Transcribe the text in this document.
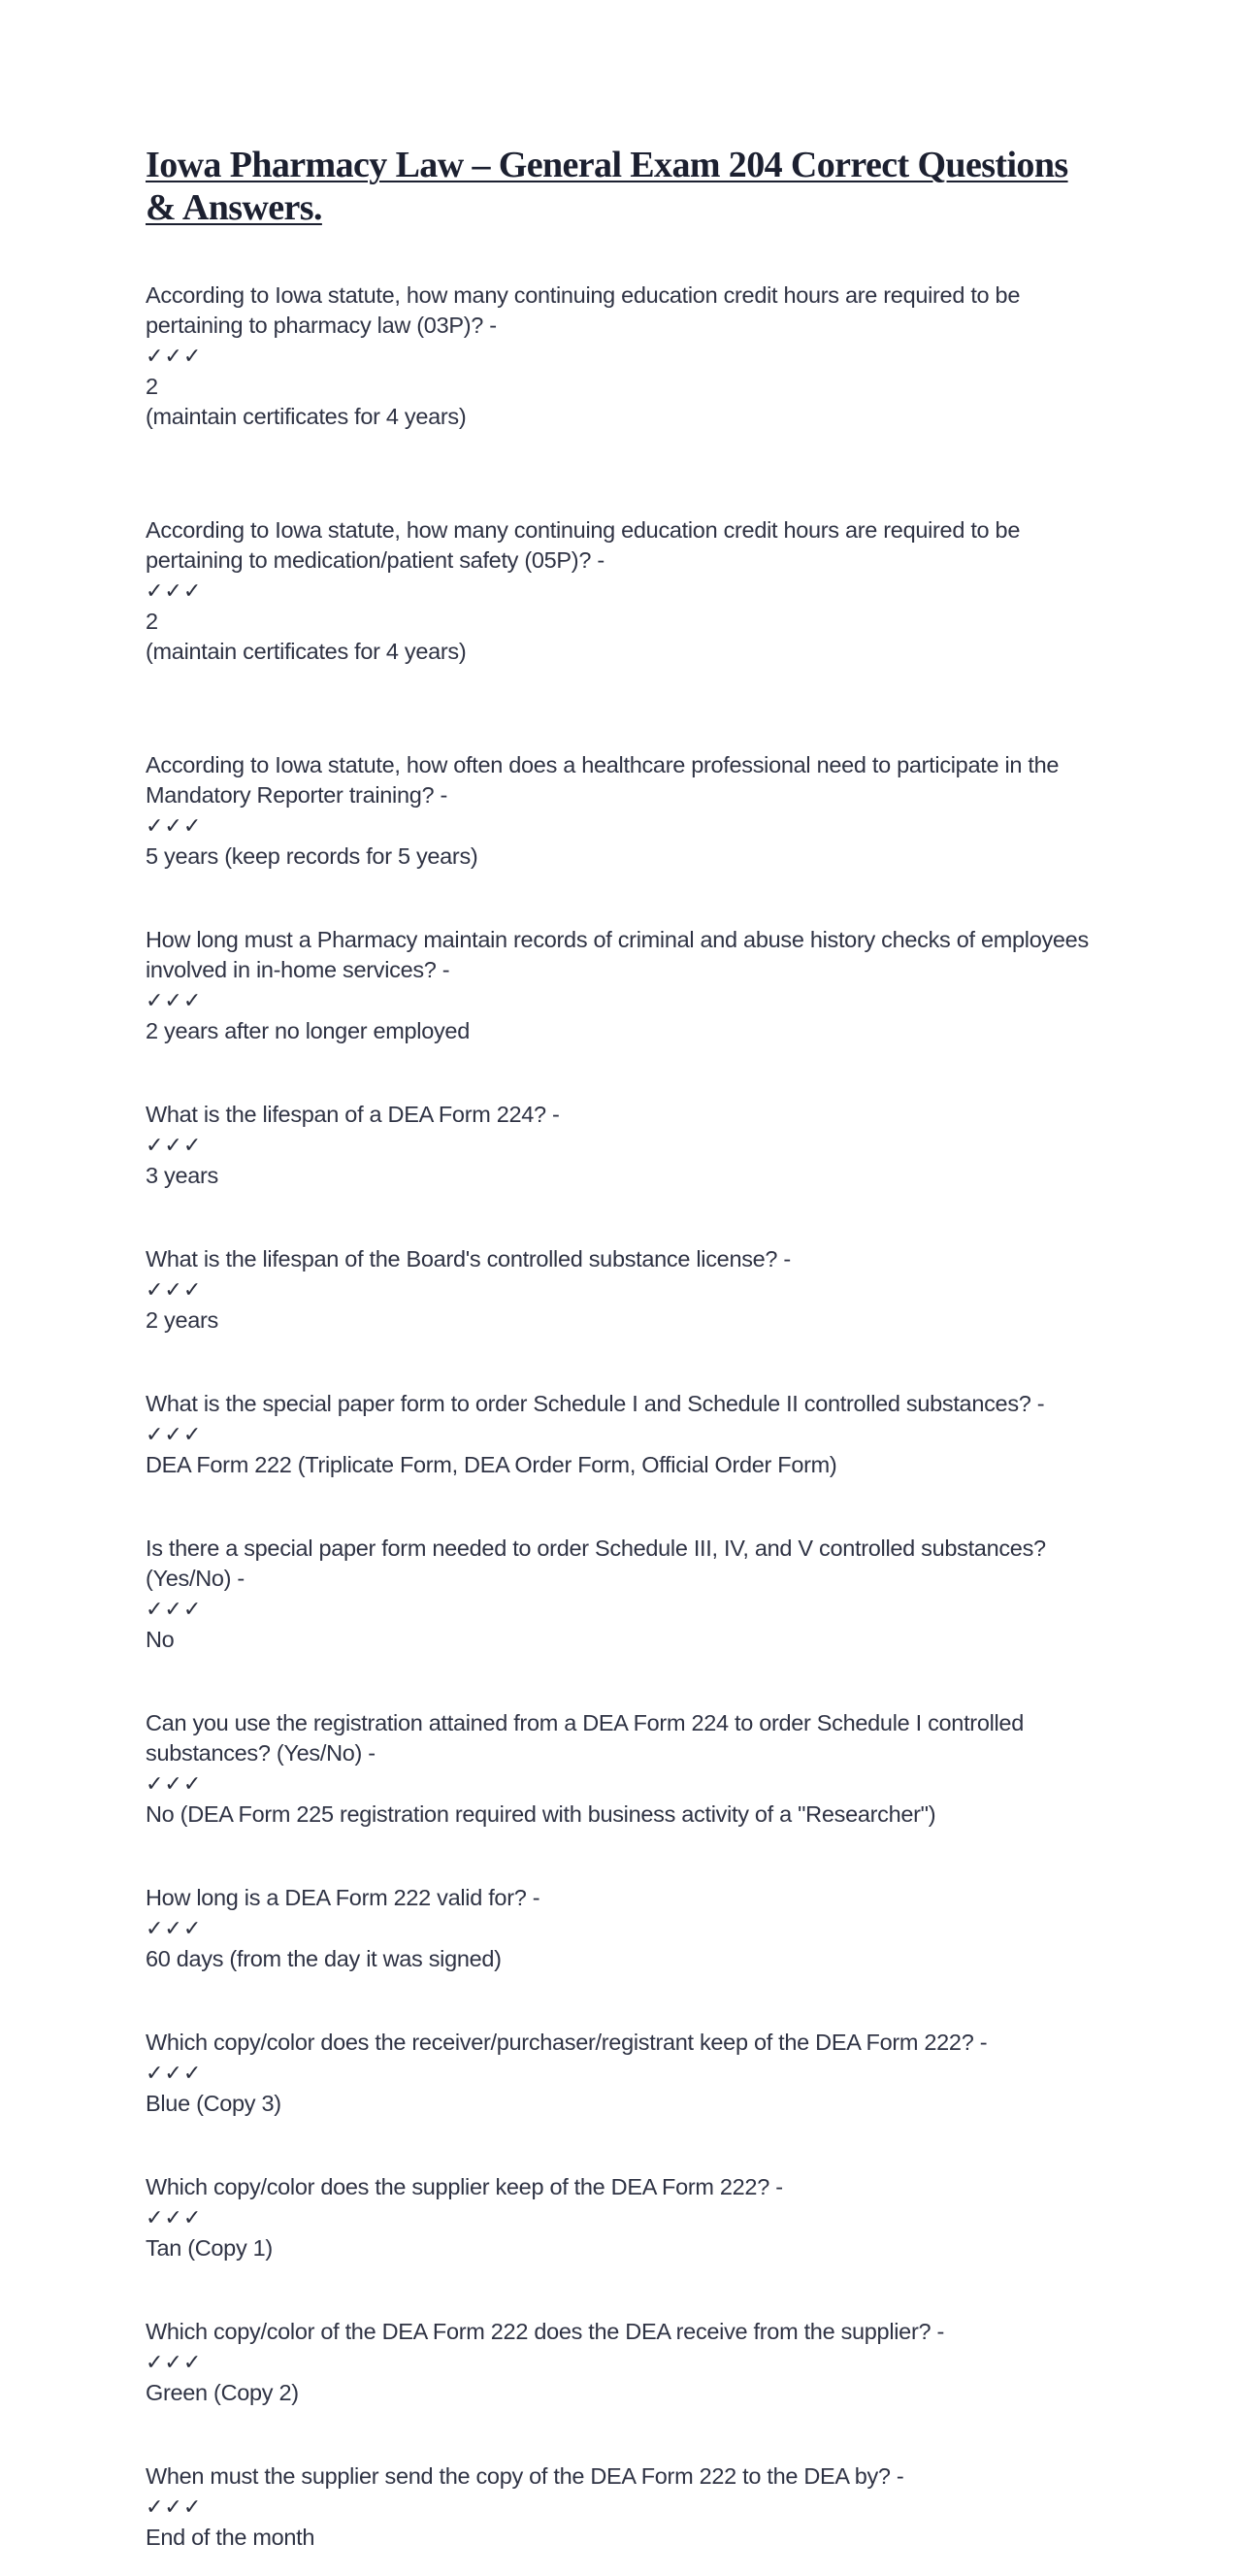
Iowa Pharmacy Law – General Exam 204 Correct Questions & Answers.

According to Iowa statute, how many continuing education credit hours are required to be pertaining to pharmacy law (03P)? -
✓✓✓
2

(maintain certificates for 4 years)

According to Iowa statute, how many continuing education credit hours are required to be pertaining to medication/patient safety (05P)? -
✓✓✓
2

(maintain certificates for 4 years)

According to Iowa statute, how often does a healthcare professional need to participate in the Mandatory Reporter training? -
✓✓✓
5 years (keep records for 5 years)

How long must a Pharmacy maintain records of criminal and abuse history checks of employees involved in in-home services? -
✓✓✓
2 years after no longer employed

What is the lifespan of a DEA Form 224? -
✓✓✓
3 years

What is the lifespan of the Board's controlled substance license? -
✓✓✓
2 years

What is the special paper form to order Schedule I and Schedule II controlled substances? -
✓✓✓
DEA Form 222 (Triplicate Form, DEA Order Form, Official Order Form)

Is there a special paper form needed to order Schedule III, IV, and V controlled substances? (Yes/No) -
✓✓✓
No

Can you use the registration attained from a DEA Form 224 to order Schedule I controlled substances? (Yes/No) -
✓✓✓
No (DEA Form 225 registration required with business activity of a "Researcher")

How long is a DEA Form 222 valid for? -
✓✓✓
60 days (from the day it was signed)

Which copy/color does the receiver/purchaser/registrant keep of the DEA Form 222? -
✓✓✓
Blue (Copy 3)

Which copy/color does the supplier keep of the DEA Form 222? -
✓✓✓
Tan (Copy 1)

Which copy/color of the DEA Form 222 does the DEA receive from the supplier? -
✓✓✓
Green (Copy 2)

When must the supplier send the copy of the DEA Form 222 to the DEA by? -
✓✓✓
End of the month
